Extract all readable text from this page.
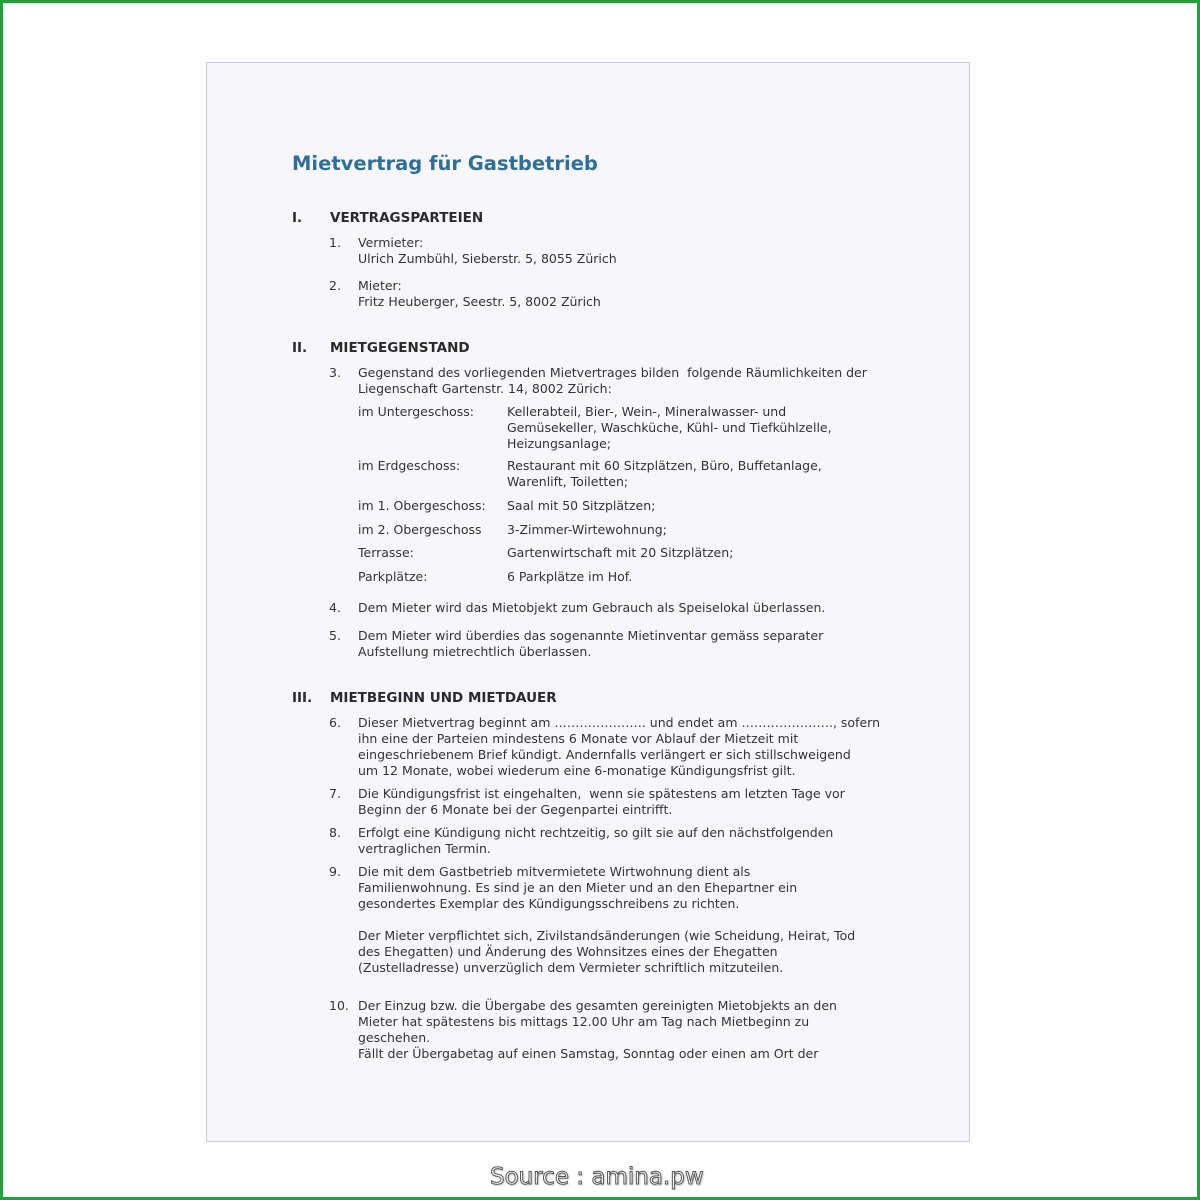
Mietvertrag für Gastbetrieb
I. VERTRAGSPARTEIEN
1. Vermieter:
Ulrich Zumbühl, Sieberstr. 5, 8055 Zürich
2. Mieter:
Fritz Heuberger, Seestr. 5, 8002 Zürich
II. MIETGEGENSTAND
3. Gegenstand des vorliegenden Mietvertrages bilden  folgende Räumlichkeiten der
Liegenschaft Gartenstr. 14, 8002 Zürich:
im Untergeschoss:	Kellerabteil, Bier-, Wein-, Mineralwasser- und
Gemüsekeller, Waschküche, Kühl- und Tiefkühlzelle,
Heizungsanlage;
im Erdgeschoss:	Restaurant mit 60 Sitzplätzen, Büro, Buffetanlage,
Warenlift, Toiletten;
im 1. Obergeschoss: Saal mit 50 Sitzplätzen;
im 2. Obergeschoss 3-Zimmer-Wirtewohnung;
Terrasse:	Gartenwirtschaft mit 20 Sitzplätzen;
Parkplätze:	6 Parkplätze im Hof.
4. Dem Mieter wird das Mietobjekt zum Gebrauch als Speiselokal überlassen.
5. Dem Mieter wird überdies das sogenannte Mietinventar gemäss separater
Aufstellung mietrechtlich überlassen.
III. MIETBEGINN UND MIETDAUER
6. Dieser Mietvertrag beginnt am …………………. und endet am …………………., sofern
ihn eine der Parteien mindestens 6 Monate vor Ablauf der Mietzeit mit
eingeschriebenem Brief kündigt. Andernfalls verlängert er sich stillschweigend
um 12 Monate, wobei wiederum eine 6-monatige Kündigungsfrist gilt.
7. Die Kündigungsfrist ist eingehalten,  wenn sie spätestens am letzten Tage vor
Beginn der 6 Monate bei der Gegenpartei eintrifft.
8. Erfolgt eine Kündigung nicht rechtzeitig, so gilt sie auf den nächstfolgenden
vertraglichen Termin.
9. Die mit dem Gastbetrieb mitvermietete Wirtwohnung dient als
Familienwohnung. Es sind je an den Mieter und an den Ehepartner ein
gesondertes Exemplar des Kündigungsschreibens zu richten.

Der Mieter verpflichtet sich, Zivilstandsänderungen (wie Scheidung, Heirat, Tod
des Ehegatten) und Änderung des Wohnsitzes eines der Ehegatten
(Zustelladresse) unverzüglich dem Vermieter schriftlich mitzuteilen.
10. Der Einzug bzw. die Übergabe des gesamten gereinigten Mietobjekts an den
Mieter hat spätestens bis mittags 12.00 Uhr am Tag nach Mietbeginn zu
geschehen.
Fällt der Übergabetag auf einen Samstag, Sonntag oder einen am Ort der
Source : amina.pw
